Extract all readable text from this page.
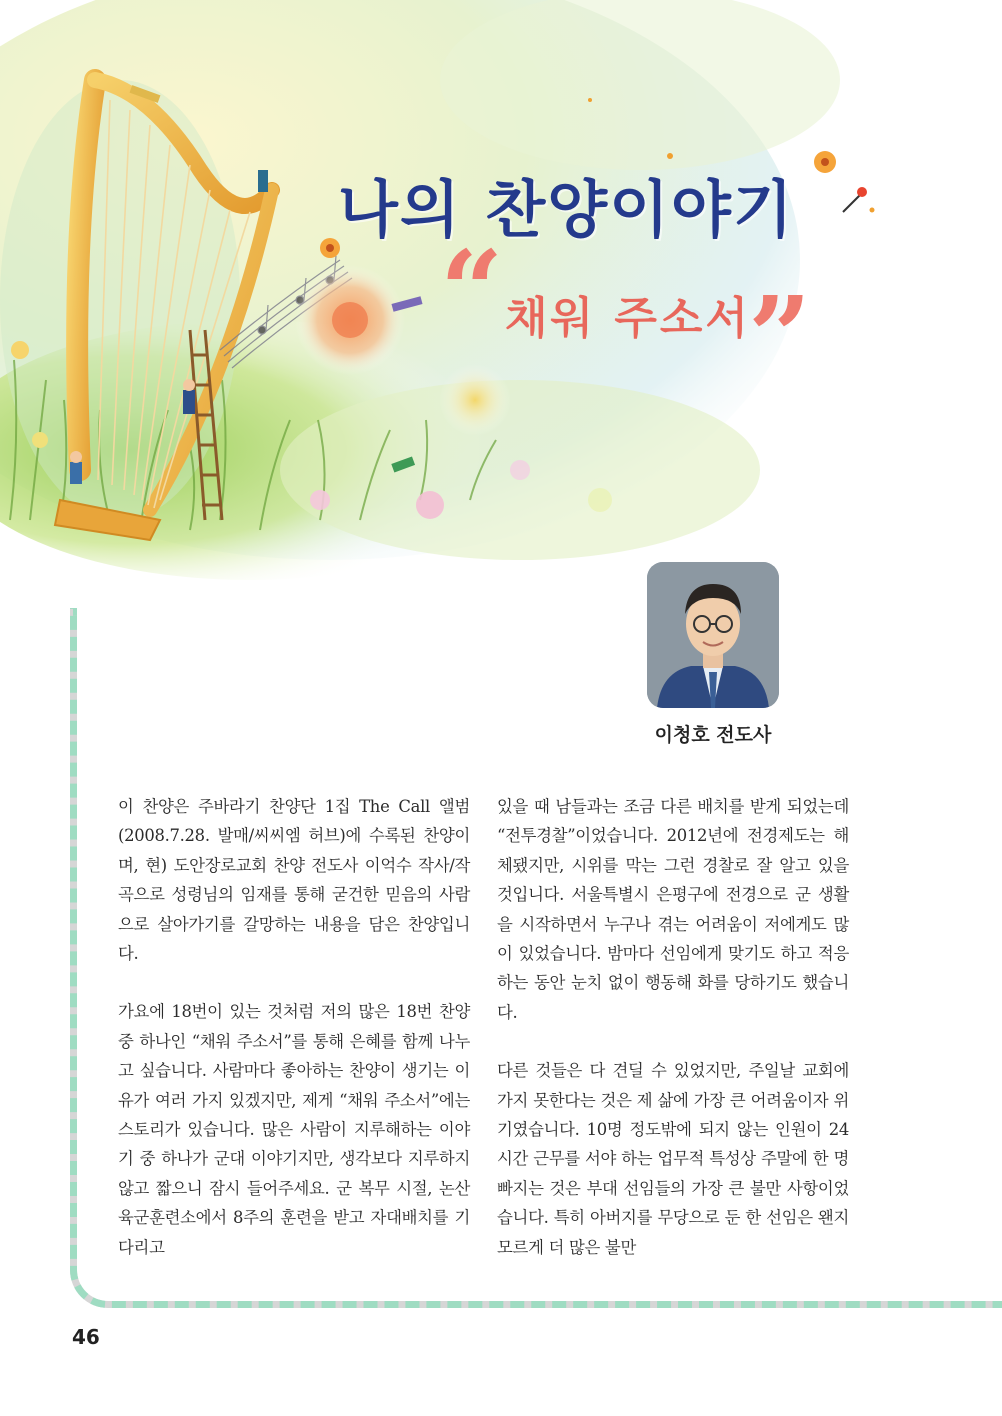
나의 찬양이야기
“ 채워 주소서
”
이청호 전도사

이 찬양은 주바라기 찬양단 1집 The Call 앨범(2008.7.28. 발매/씨씨엠 허브)에 수록된 찬양이며, 현) 도안장로교회 찬양 전도사 이억수 작사/작곡으로 성령님의 임재를 통해 굳건한 믿음의 사람으로 살아가기를 갈망하는 내용을 담은 찬양입니다.

가요에 18번이 있는 것처럼 저의 많은 18번 찬양 중 하나인 “채워 주소서”를 통해 은혜를 함께 나누고 싶습니다. 사람마다 좋아하는 찬양이 생기는 이유가 여러 가지 있겠지만, 제게 “채워 주소서”에는 스토리가 있습니다. 많은 사람이 지루해하는 이야기 중 하나가 군대 이야기지만, 생각보다 지루하지 않고 짧으니 잠시 들어주세요. 군 복무 시절, 논산 육군훈련소에서 8주의 훈련을 받고 자대배치를 기다리고

있을 때 남들과는 조금 다른 배치를 받게 되었는데 “전투경찰”이었습니다. 2012년에 전경제도는 해체됐지만, 시위를 막는 그런 경찰로 잘 알고 있을 것입니다. 서울특별시 은평구에 전경으로 군 생활을 시작하면서 누구나 겪는 어려움이 저에게도 많이 있었습니다. 밤마다 선임에게 맞기도 하고 적응하는 동안 눈치 없이 행동해 화를 당하기도 했습니다.

다른 것들은 다 견딜 수 있었지만, 주일날 교회에 가지 못한다는 것은 제 삶에 가장 큰 어려움이자 위기였습니다. 10명 정도밖에 되지 않는 인원이 24시간 근무를 서야 하는 업무적 특성상 주말에 한 명 빠지는 것은 부대 선임들의 가장 큰 불만 사항이었습니다. 특히 아버지를 무당으로 둔 한 선임은 왠지 모르게 더 많은 불만

46
